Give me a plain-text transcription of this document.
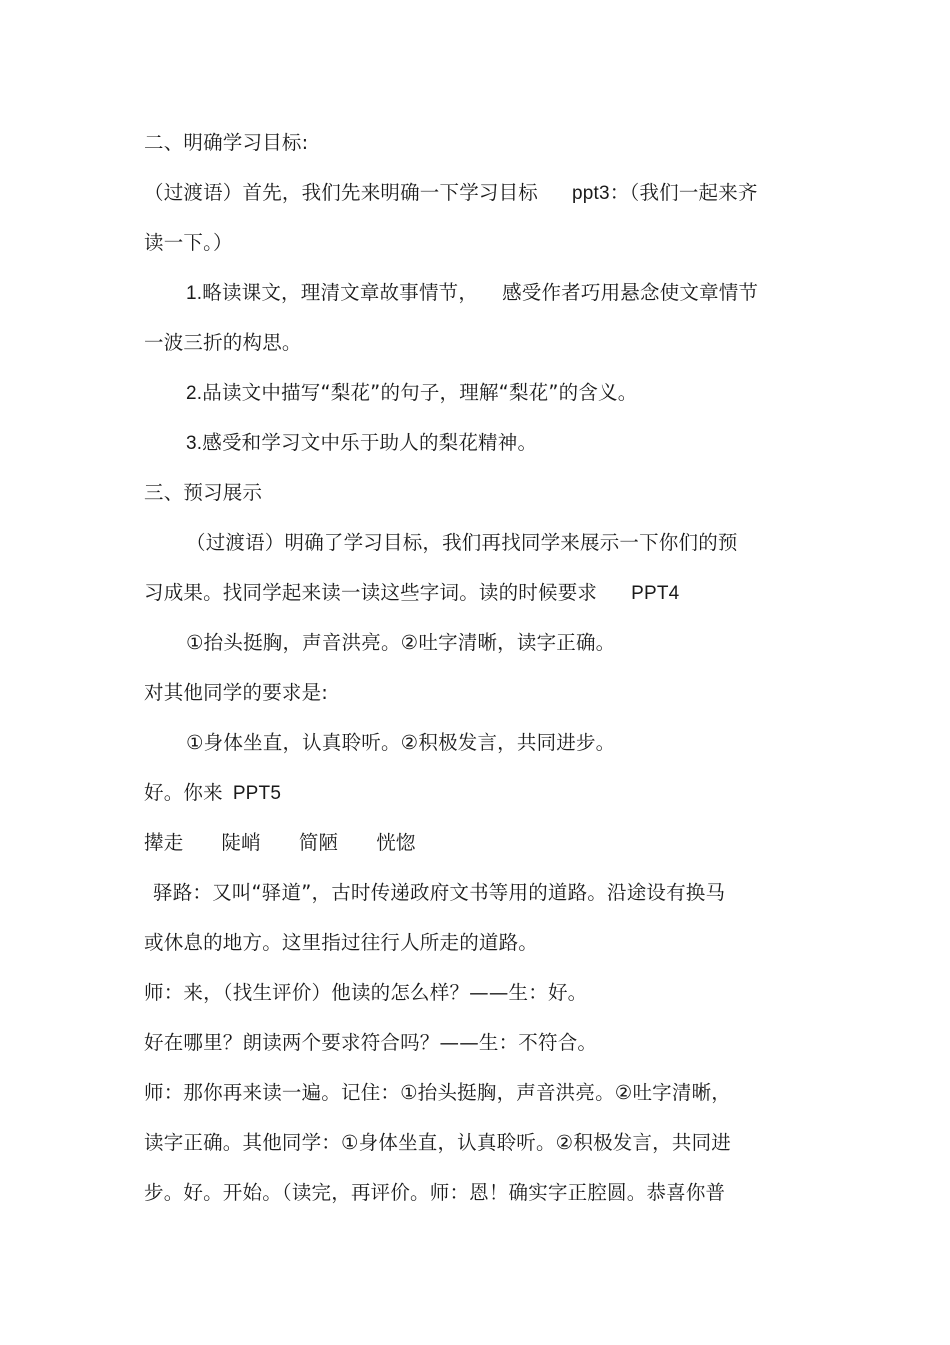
二、明确学习目标:
（过渡语）首先，我们先来明确一下学习目标 ppt3：（我们一起来齐
读一下。）
1.略读课文，理清文章故事情节， 感受作者巧用悬念使文章情节
一波三折的构思。
2.品读文中描写“梨花”的句子，理解“梨花”的含义。
3.感受和学习文中乐于助人的梨花精神。
三、预习展示
（过渡语）明确了学习目标，我们再找同学来展示一下你们的预
习成果。找同学起来读一读这些字词。读的时候要求 PPT4
①抬头挺胸，声音洪亮。②吐字清晰，读字正确。
对其他同学的要求是:
①身体坐直，认真聆听。②积极发言，共同进步。
好。你来 PPT5
撵走 陡峭 简陋 恍惚
驿路：又叫“驿道”，古时传递政府文书等用的道路。沿途设有换马
或休息的地方。这里指过往行人所走的道路。
师：来，（找生评价）他读的怎么样？——生：好。
好在哪里？朗读两个要求符合吗？——生：不符合。
师：那你再来读一遍。记住：①抬头挺胸，声音洪亮。②吐字清晰，
读字正确。其他同学：①身体坐直，认真聆听。②积极发言，共同进
步。好。开始。（读完，再评价。师：恩！确实字正腔圆。恭喜你普
